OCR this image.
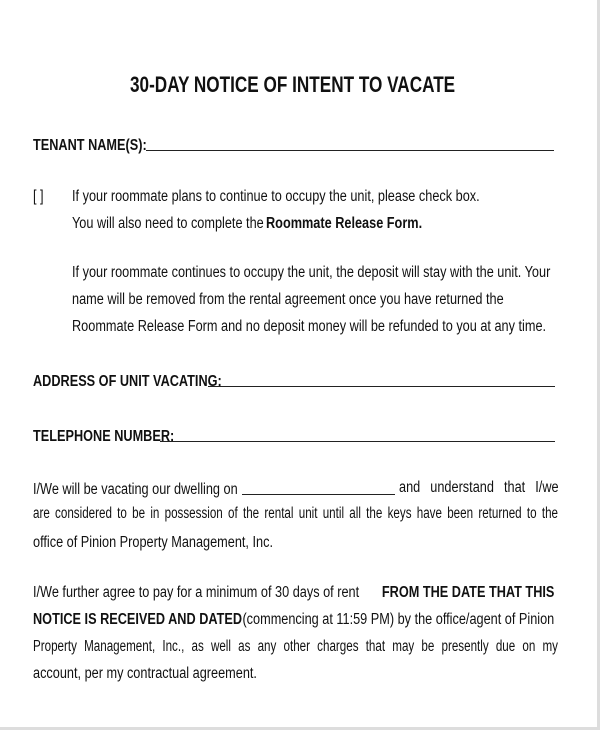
30-DAY NOTICE OF INTENT TO VACATE
TENANT NAME(S):
[ ] If your roommate plans to continue to occupy the unit, please check box.
You will also need to complete the Roommate Release Form.
If your roommate continues to occupy the unit, the deposit will stay with the unit. Your
name will be removed from the rental agreement once you have returned the
Roommate Release Form and no deposit money will be refunded to you at any time.
ADDRESS OF UNIT VACATING:
TELEPHONE NUMBER:
I/We will be vacating our dwelling on	and understand that I/we
are considered to be in possession of the rental unit until all the keys have been returned to the
office of Pinion Property Management, Inc.
I/We further agree to pay for a minimum of 30 days of rent FROM THE DATE THAT THIS
NOTICE IS RECEIVED AND DATED (commencing at 11:59 PM) by the office/agent of Pinion
Property Management, Inc., as well as any other charges that may be presently due on my
account, per my contractual agreement.
